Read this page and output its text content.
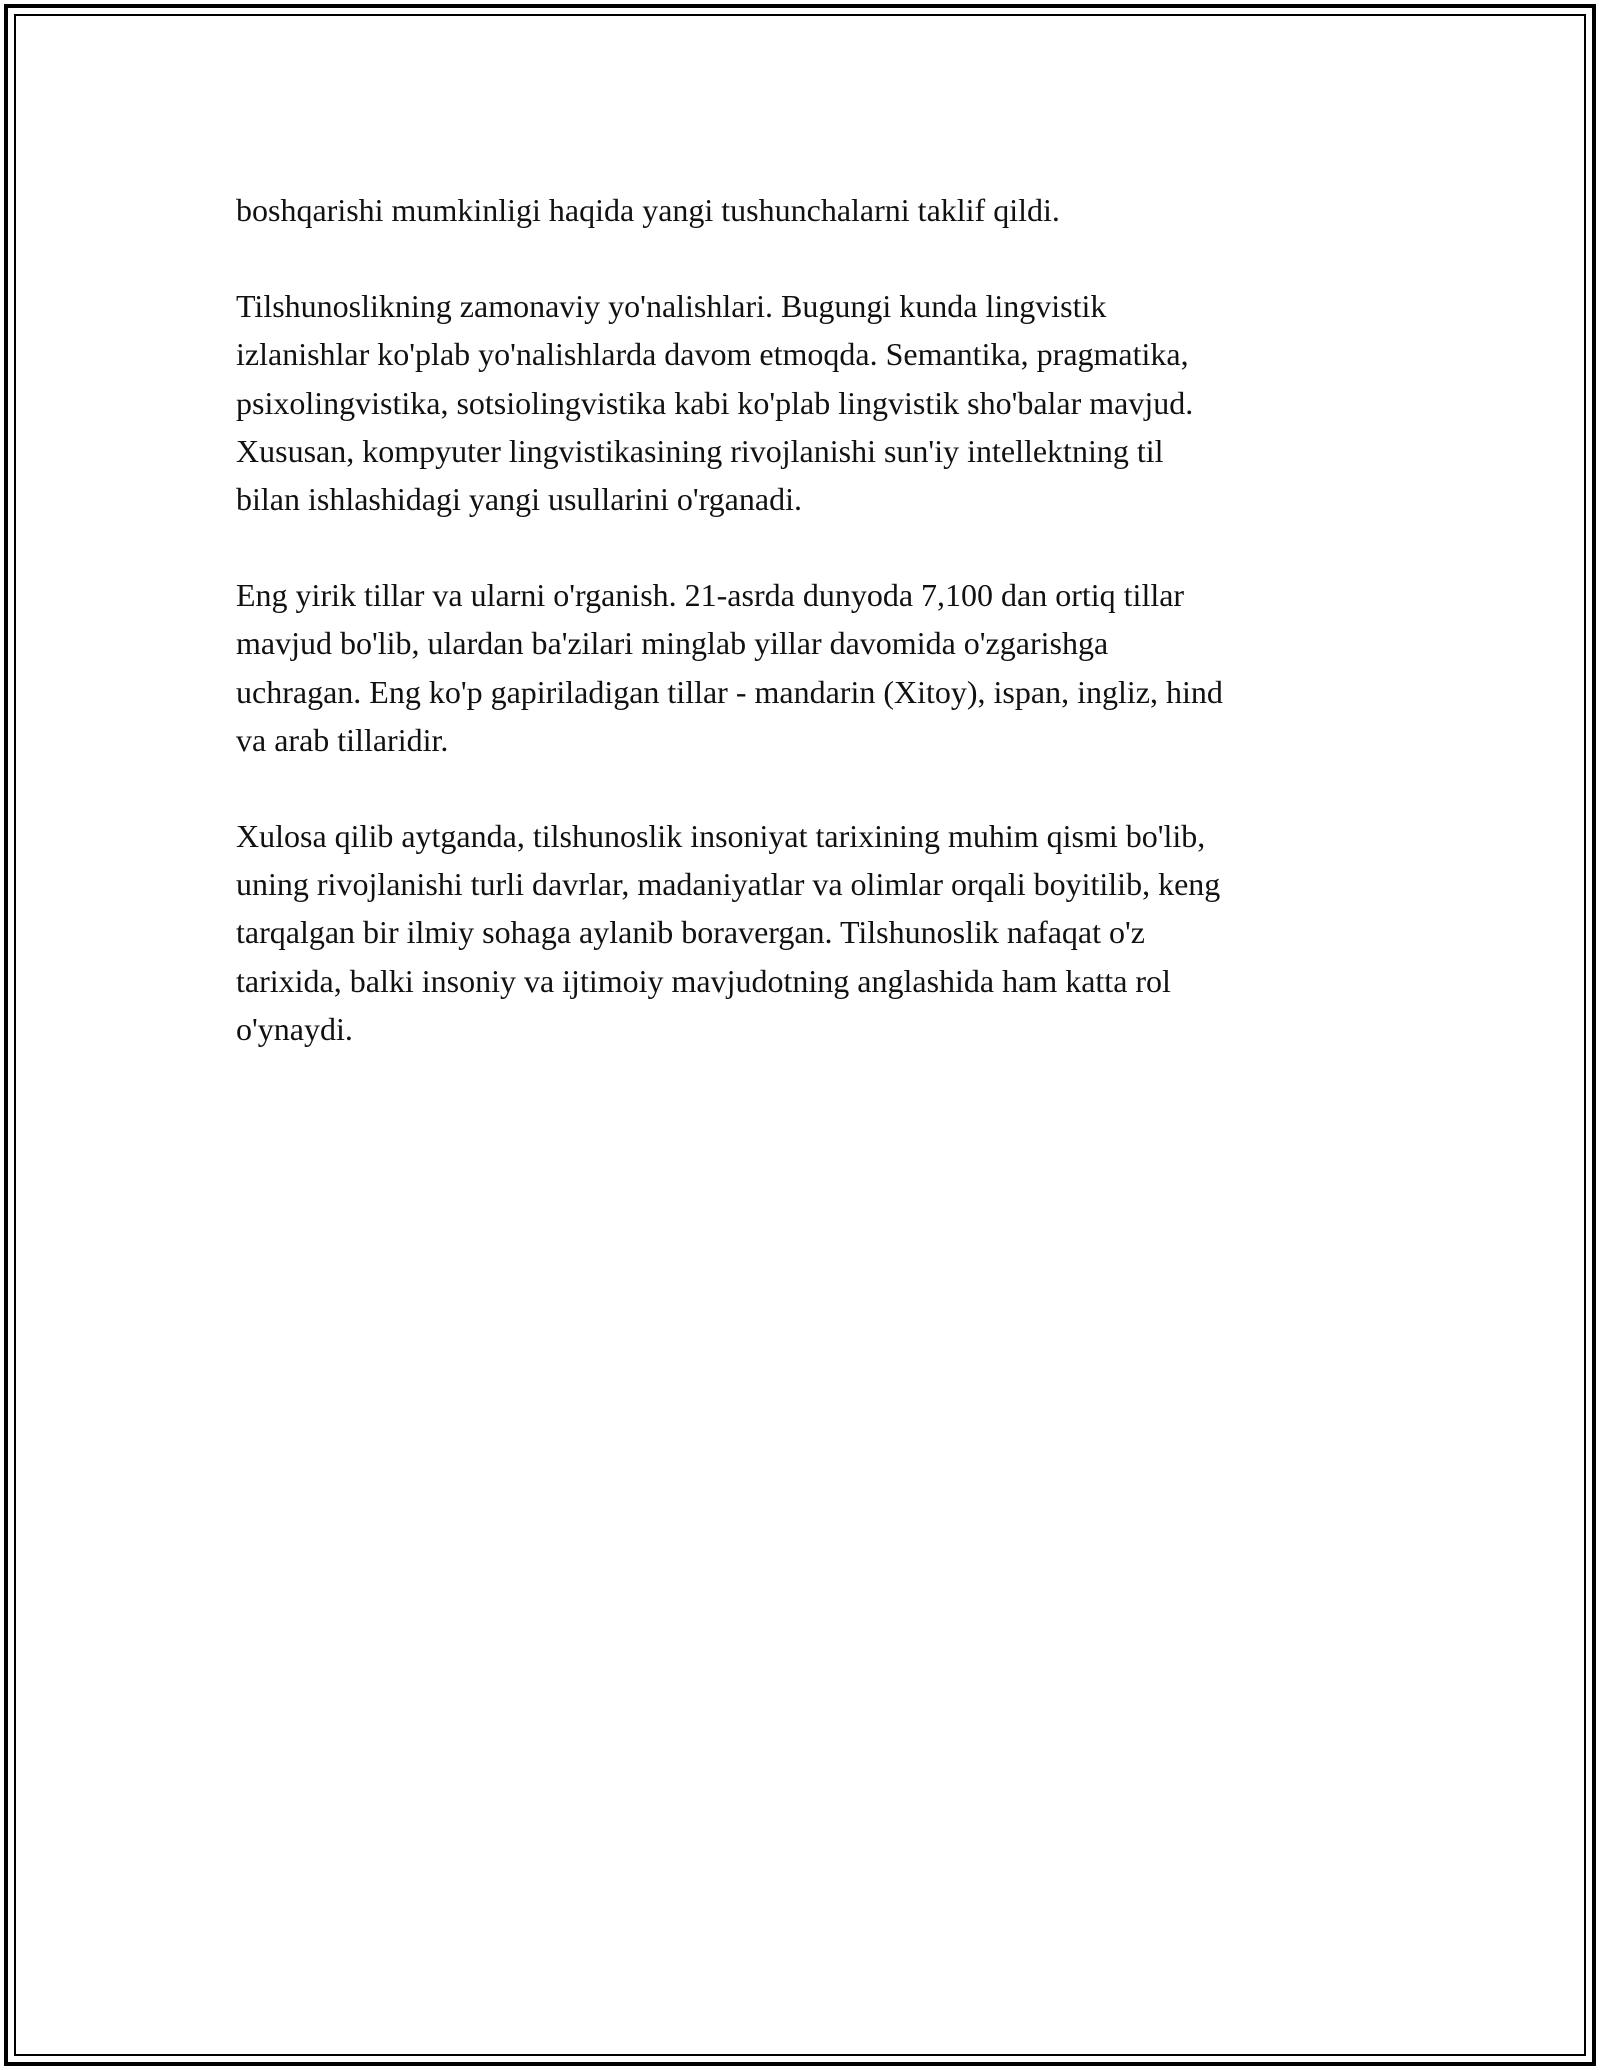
boshqarishi mumkinligi haqida yangi tushunchalarni taklif qildi.

Tilshunoslikning zamonaviy yo'nalishlari. Bugungi kunda lingvistik
izlanishlar ko'plab yo'nalishlarda davom etmoqda. Semantika, pragmatika,
psixolingvistika, sotsiolingvistika kabi ko'plab lingvistik sho'balar mavjud.
Xususan, kompyuter lingvistikasining rivojlanishi sun'iy intellektning til
bilan ishlashidagi yangi usullarini o'rganadi.

Eng yirik tillar va ularni o'rganish. 21-asrda dunyoda 7,100 dan ortiq tillar
mavjud bo'lib, ulardan ba'zilari minglab yillar davomida o'zgarishga
uchragan. Eng ko'p gapiriladigan tillar - mandarin (Xitoy), ispan, ingliz, hind
va arab tillaridir.

Xulosa qilib aytganda, tilshunoslik insoniyat tarixining muhim qismi bo'lib,
uning rivojlanishi turli davrlar, madaniyatlar va olimlar orqali boyitilib, keng
tarqalgan bir ilmiy sohaga aylanib boravergan. Tilshunoslik nafaqat o'z
tarixida, balki insoniy va ijtimoiy mavjudotning anglashida ham katta rol
o'ynaydi.
